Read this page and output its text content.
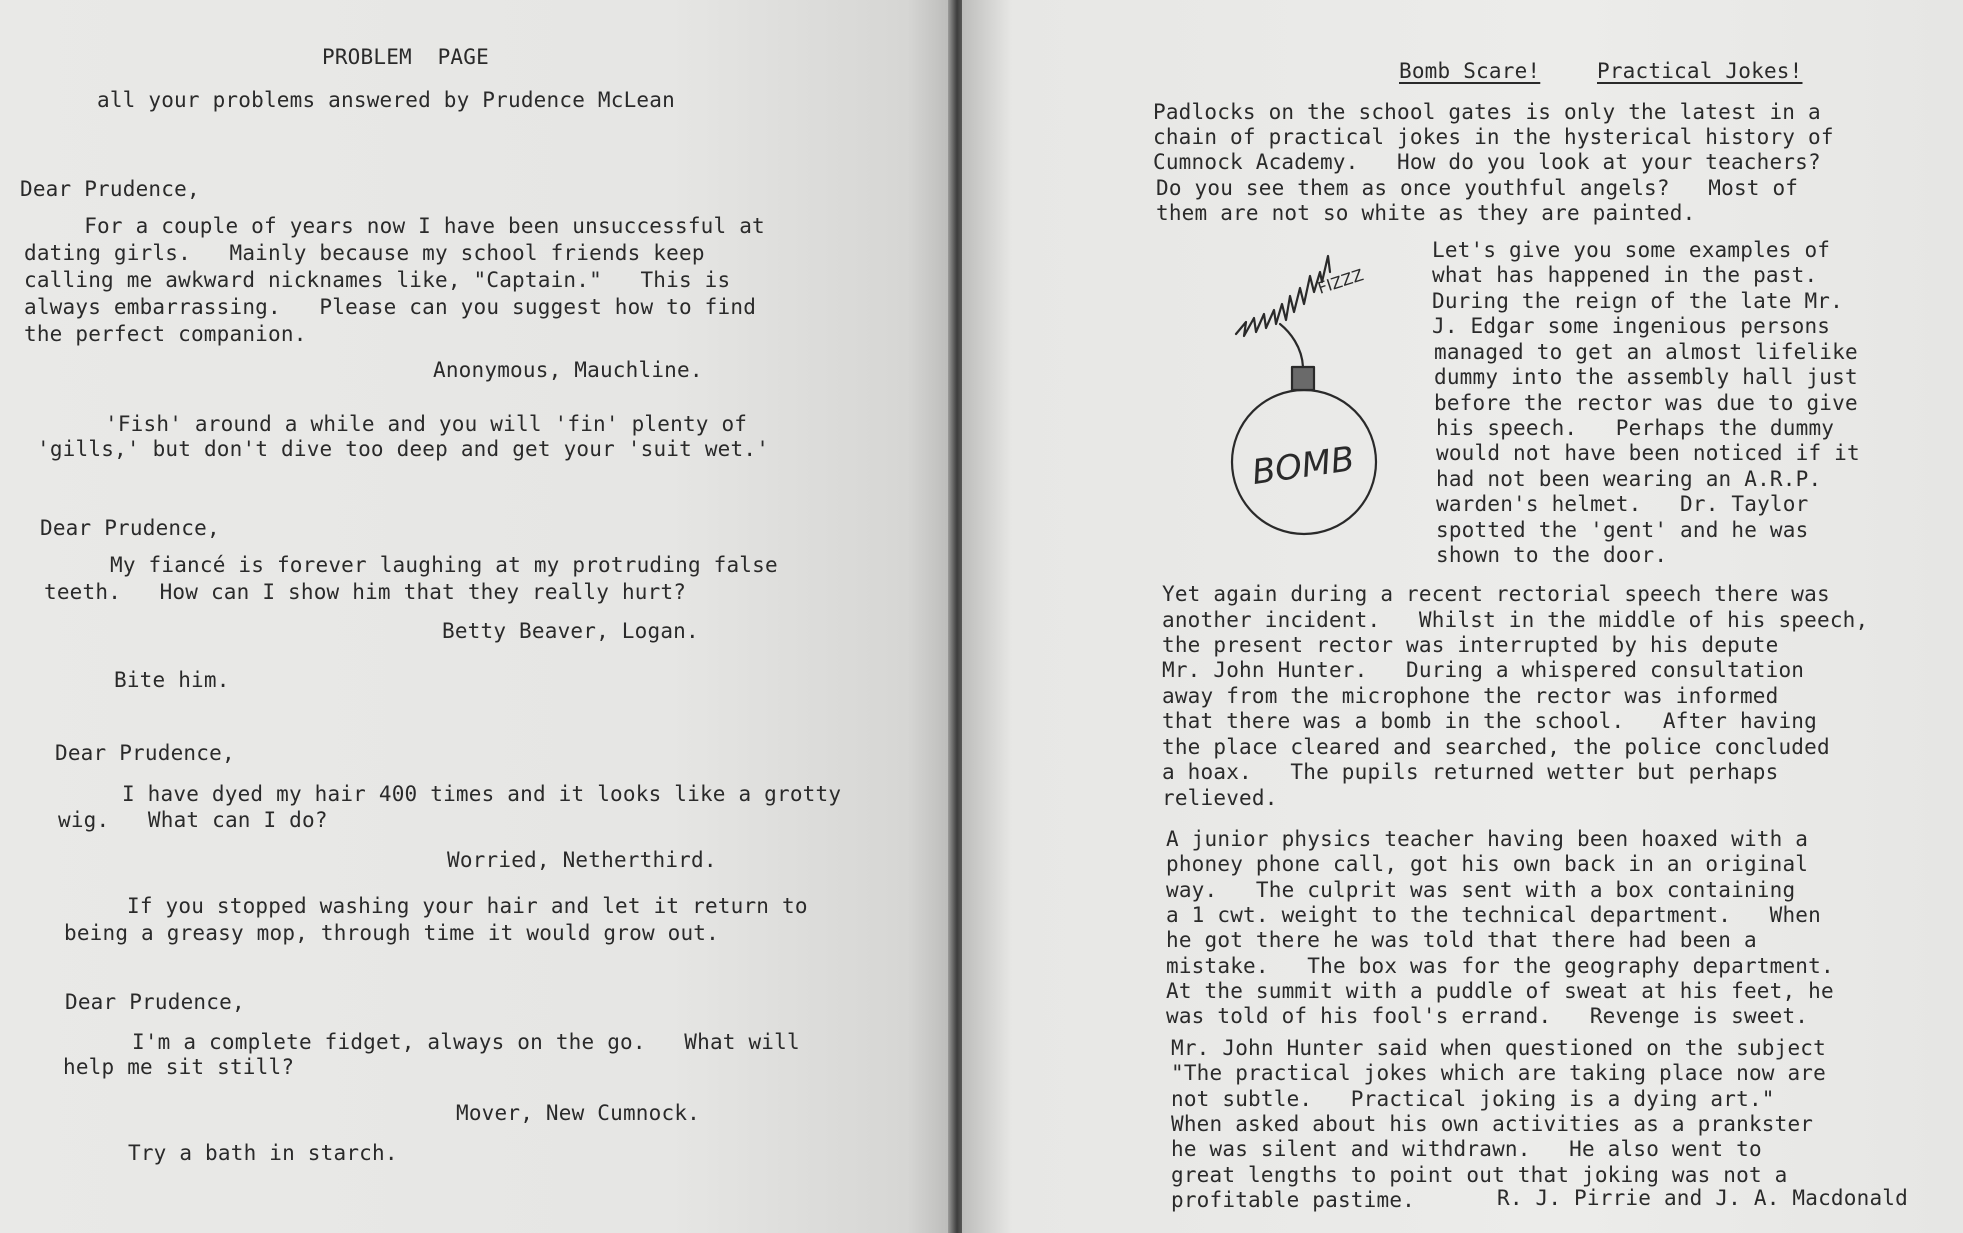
PROBLEM  PAGE

all your problems answered by Prudence McLean

Dear Prudence,

For a couple of years now I have been unsuccessful at

dating girls.   Mainly because my school friends keep

calling me awkward nicknames like, "Captain."   This is

always embarrassing.   Please can you suggest how to find

the perfect companion.

Anonymous, Mauchline.

'Fish' around a while and you will 'fin' plenty of

'gills,' but don't dive too deep and get your 'suit wet.'

Dear Prudence,

My fiancé is forever laughing at my protruding false

teeth.   How can I show him that they really hurt?

Betty Beaver, Logan.

Bite him.

Dear Prudence,

I have dyed my hair 400 times and it looks like a grotty

wig.   What can I do?

Worried, Netherthird.

If you stopped washing your hair and let it return to

being a greasy mop, through time it would grow out.

Dear Prudence,

I'm a complete fidget, always on the go.   What will

help me sit still?

Mover, New Cumnock.

Try a bath in starch.

Bomb Scare!	Practical Jokes!

Padlocks on the school gates is only the latest in a

chain of practical jokes in the hysterical history of

Cumnock Academy.   How do you look at your teachers?

Do you see them as once youthful angels?   Most of

them are not so white as they are painted.

FIZZZ
BOMB

Let's give you some examples of

what has happened in the past.

During the reign of the late Mr.

J. Edgar some ingenious persons

managed to get an almost lifelike

dummy into the assembly hall just

before the rector was due to give

his speech.   Perhaps the dummy

would not have been noticed if it

had not been wearing an A.R.P.

warden's helmet.   Dr. Taylor

spotted the 'gent' and he was

shown to the door.

Yet again during a recent rectorial speech there was

another incident.   Whilst in the middle of his speech,

the present rector was interrupted by his depute

Mr. John Hunter.   During a whispered consultation

away from the microphone the rector was informed

that there was a bomb in the school.   After having

the place cleared and searched, the police concluded

a hoax.   The pupils returned wetter but perhaps

relieved.

A junior physics teacher having been hoaxed with a

phoney phone call, got his own back in an original

way.   The culprit was sent with a box containing

a 1 cwt. weight to the technical department.   When

he got there he was told that there had been a

mistake.   The box was for the geography department.

At the summit with a puddle of sweat at his feet, he

was told of his fool's errand.   Revenge is sweet.

Mr. John Hunter said when questioned on the subject

"The practical jokes which are taking place now are

not subtle.   Practical joking is a dying art."

When asked about his own activities as a prankster

he was silent and withdrawn.   He also went to

great lengths to point out that joking was not a

profitable pastime.	R. J. Pirrie and J. A. Macdonald
